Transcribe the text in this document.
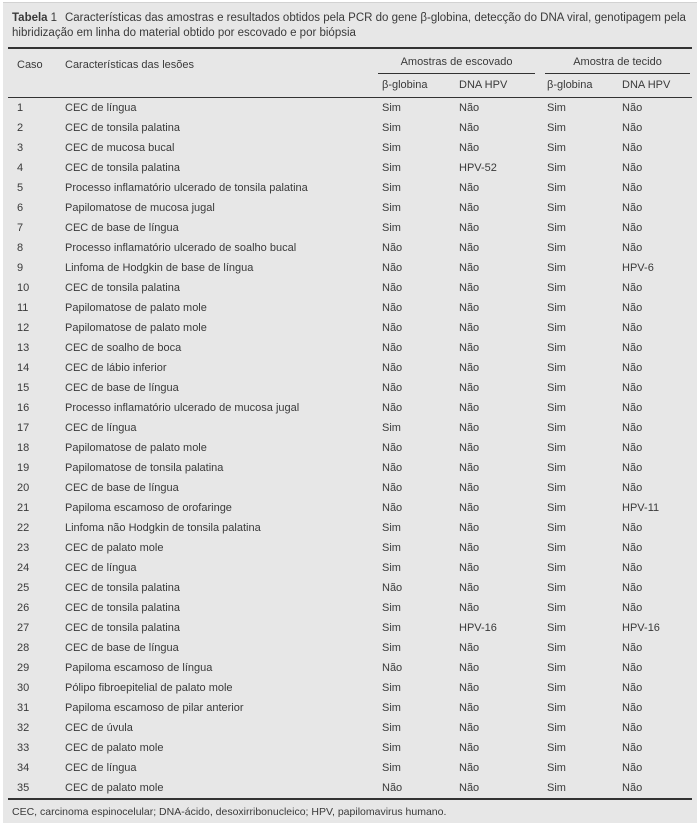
Tabela 1 Características das amostras e resultados obtidos pela PCR do gene β-globina, detecção do DNA viral, genotipagem pela hibridização em linha do material obtido por escovado e por biópsia
Caso	Características das lesões	Amostras de escovado		Amostra de tecido	

		β-globina	DNA HPV	β-globina	DNA HPV
1	CEC de língua	Sim	Não	Sim	Não
2	CEC de tonsila palatina	Sim	Não	Sim	Não
3	CEC de mucosa bucal	Sim	Não	Sim	Não
4	CEC de tonsila palatina	Sim	HPV-52	Sim	Não
5	Processo inflamatório ulcerado de tonsila palatina	Sim	Não	Sim	Não
6	Papilomatose de mucosa jugal	Sim	Não	Sim	Não
7	CEC de base de língua	Sim	Não	Sim	Não
8	Processo inflamatório ulcerado de soalho bucal	Não	Não	Sim	Não
9	Linfoma de Hodgkin de base de língua	Não	Não	Sim	HPV-6
10	CEC de tonsila palatina	Não	Não	Sim	Não
11	Papilomatose de palato mole	Não	Não	Sim	Não
12	Papilomatose de palato mole	Não	Não	Sim	Não
13	CEC de soalho de boca	Não	Não	Sim	Não
14	CEC de lábio inferior	Não	Não	Sim	Não
15	CEC de base de língua	Não	Não	Sim	Não
16	Processo inflamatório ulcerado de mucosa jugal	Não	Não	Sim	Não
17	CEC de língua	Sim	Não	Sim	Não
18	Papilomatose de palato mole	Não	Não	Sim	Não
19	Papilomatose de tonsila palatina	Não	Não	Sim	Não
20	CEC de base de língua	Não	Não	Sim	Não
21	Papiloma escamoso de orofaringe	Não	Não	Sim	HPV-11
22	Linfoma não Hodgkin de tonsila palatina	Sim	Não	Sim	Não
23	CEC de palato mole	Sim	Não	Sim	Não
24	CEC de língua	Sim	Não	Sim	Não
25	CEC de tonsila palatina	Não	Não	Sim	Não
26	CEC de tonsila palatina	Sim	Não	Sim	Não
27	CEC de tonsila palatina	Sim	HPV-16	Sim	HPV-16
28	CEC de base de língua	Sim	Não	Sim	Não
29	Papiloma escamoso de língua	Não	Não	Sim	Não
30	Pólipo fibroepitelial de palato mole	Sim	Não	Sim	Não
31	Papiloma escamoso de pilar anterior	Sim	Não	Sim	Não
32	CEC de úvula	Sim	Não	Sim	Não
33	CEC de palato mole	Sim	Não	Sim	Não
34	CEC de língua	Sim	Não	Sim	Não
35	CEC de palato mole	Não	Não	Sim	Não
CEC, carcinoma espinocelular; DNA-ácido, desoxirribonucleico; HPV, papilomavirus humano.
